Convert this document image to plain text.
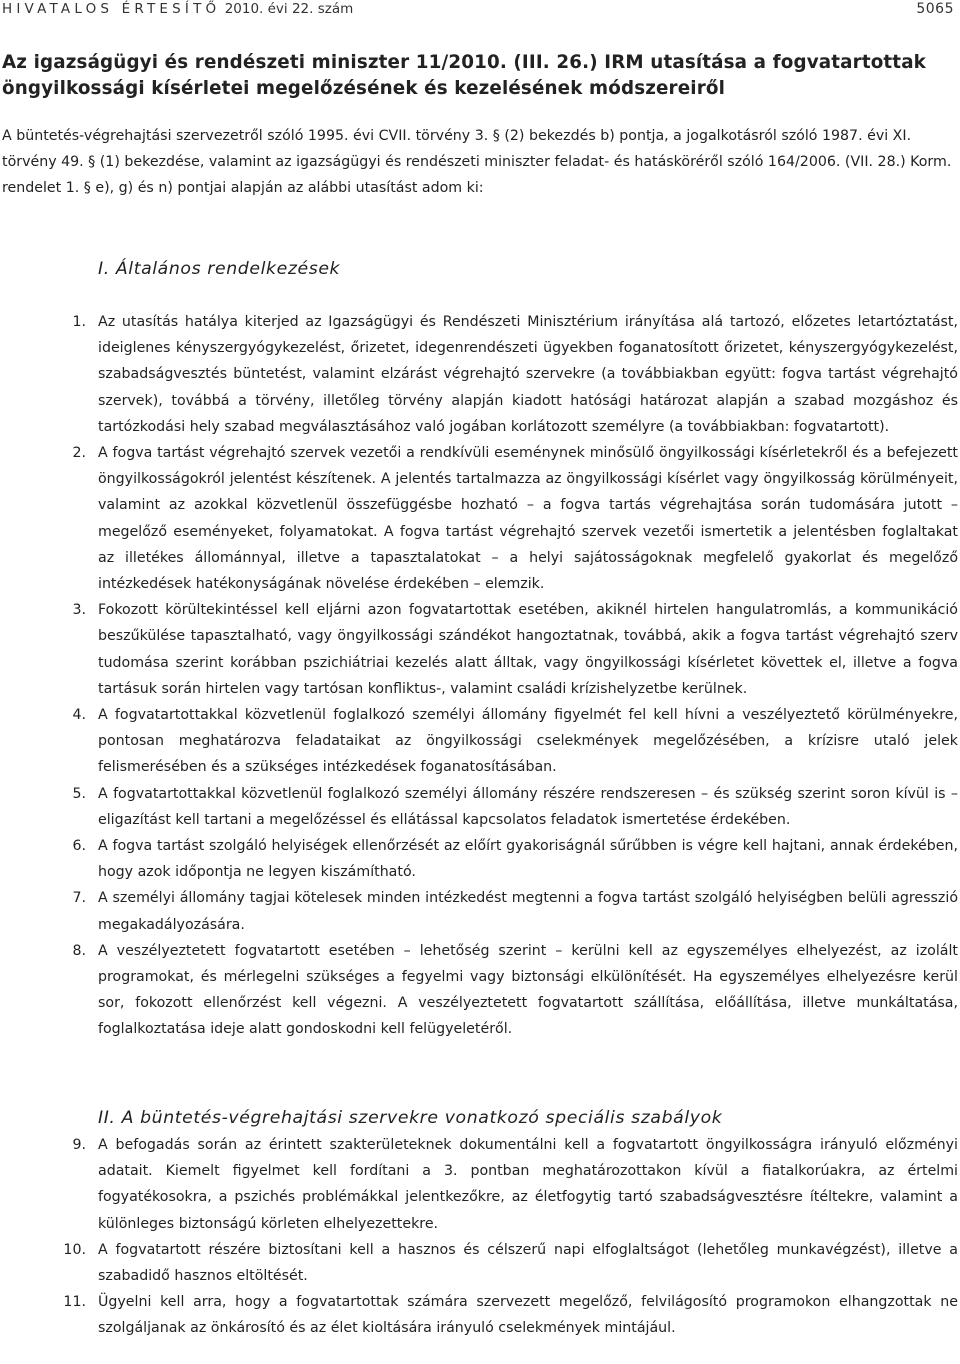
HIVATALOS ÉRTESÍTŐ 2010. évi 22. szám	5065
Az igazságügyi és rendészeti miniszter 11/2010. (III. 26.) IRM utasítása a fogvatartottak
öngyilkossági kísérletei megelőzésének és kezelésének módszereiről

A büntetés-végrehajtási szervezetről szóló 1995. évi CVII. törvény 3. § (2) bekezdés b) pontja, a jogalkotásról szóló 1987. évi XI. törvény 49. § (1) bekezdése, valamint az igazságügyi és rendészeti miniszter feladat- és hatásköréről szóló 164/2006. (VII. 28.) Korm. rendelet 1. § e), g) és n) pontjai alapján az alábbi utasítást adom ki:

I. Általános rendelkezések
1. Az utasítás hatálya kiterjed az Igazságügyi és Rendészeti Minisztérium irányítása alá tartozó, előzetes letartóztatást, ideiglenes kényszergyógykezelést, őrizetet, idegenrendészeti ügyekben foganatosított őrizetet, kényszergyógykezelést, szabadságvesztés büntetést, valamint elzárást végrehajtó szervekre (a továbbiakban együtt: fogva tartást végrehajtó szervek), továbbá a törvény, illetőleg törvény alapján kiadott hatósági határozat alapján a szabad mozgáshoz és tartózkodási hely szabad megválasztásához való jogában korlátozott személyre (a továbbiakban: fogvatartott).
2. A fogva tartást végrehajtó szervek vezetői a rendkívüli eseménynek minősülő öngyilkossági kísérletekről és a befejezett öngyilkosságokról jelentést készítenek. A jelentés tartalmazza az öngyilkossági kísérlet vagy öngyilkosság körülményeit, valamint az azokkal közvetlenül összefüggésbe hozható – a fogva tartás végrehajtása során tudomására jutott – megelőző eseményeket, folyamatokat. A fogva tartást végrehajtó szervek vezetői ismertetik a jelentésben foglaltakat az illetékes állománnyal, illetve a tapasztalatokat – a helyi sajátosságoknak megfelelő gyakorlat és megelőző intézkedések hatékonyságának növelése érdekében – elemzik.
3. Fokozott körültekintéssel kell eljárni azon fogvatartottak esetében, akiknél hirtelen hangulatromlás, a kommunikáció beszűkülése tapasztalható, vagy öngyilkossági szándékot hangoztatnak, továbbá, akik a fogva tartást végrehajtó szerv tudomása szerint korábban pszichiátriai kezelés alatt álltak, vagy öngyilkossági kísérletet követtek el, illetve a fogva tartásuk során hirtelen vagy tartósan konfliktus-, valamint családi krízishelyzetbe kerülnek.
4. A fogvatartottakkal közvetlenül foglalkozó személyi állomány figyelmét fel kell hívni a veszélyeztető körülményekre, pontosan meghatározva feladataikat az öngyilkossági cselekmények megelőzésében, a krízisre utaló jelek felismerésében és a szükséges intézkedések foganatosításában.
5. A fogvatartottakkal közvetlenül foglalkozó személyi állomány részére rendszeresen – és szükség szerint soron kívül is – eligazítást kell tartani a megelőzéssel és ellátással kapcsolatos feladatok ismertetése érdekében.
6. A fogva tartást szolgáló helyiségek ellenőrzését az előírt gyakoriságnál sűrűbben is végre kell hajtani, annak érdekében, hogy azok időpontja ne legyen kiszámítható.
7. A személyi állomány tagjai kötelesek minden intézkedést megtenni a fogva tartást szolgáló helyiségben belüli agresszió megakadályozására.
8. A veszélyeztetett fogvatartott esetében – lehetőség szerint – kerülni kell az egyszemélyes elhelyezést, az izolált programokat, és mérlegelni szükséges a fegyelmi vagy biztonsági elkülönítését. Ha egyszemélyes elhelyezésre kerül sor, fokozott ellenőrzést kell végezni. A veszélyeztetett fogvatartott szállítása, előállítása, illetve munkáltatása, foglalkoztatása ideje alatt gondoskodni kell felügyeletéről.
II. A büntetés-végrehajtási szervekre vonatkozó speciális szabályok
9. A befogadás során az érintett szakterületeknek dokumentálni kell a fogvatartott öngyilkosságra irányuló előzményi adatait. Kiemelt figyelmet kell fordítani a 3. pontban meghatározottakon kívül a fiatalkorúakra, az értelmi fogyatékosokra, a pszichés problémákkal jelentkezőkre, az életfogytig tartó szabadságvesztésre ítéltekre, valamint a különleges biztonságú körleten elhelyezettekre.
10. A fogvatartott részére biztosítani kell a hasznos és célszerű napi elfoglaltságot (lehetőleg munkavégzést), illetve a szabadidő hasznos eltöltését.
11. Ügyelni kell arra, hogy a fogvatartottak számára szervezett megelőző, felvilágosító programokon elhangzottak ne szolgáljanak az önkárosító és az élet kioltására irányuló cselekmények mintájául.
